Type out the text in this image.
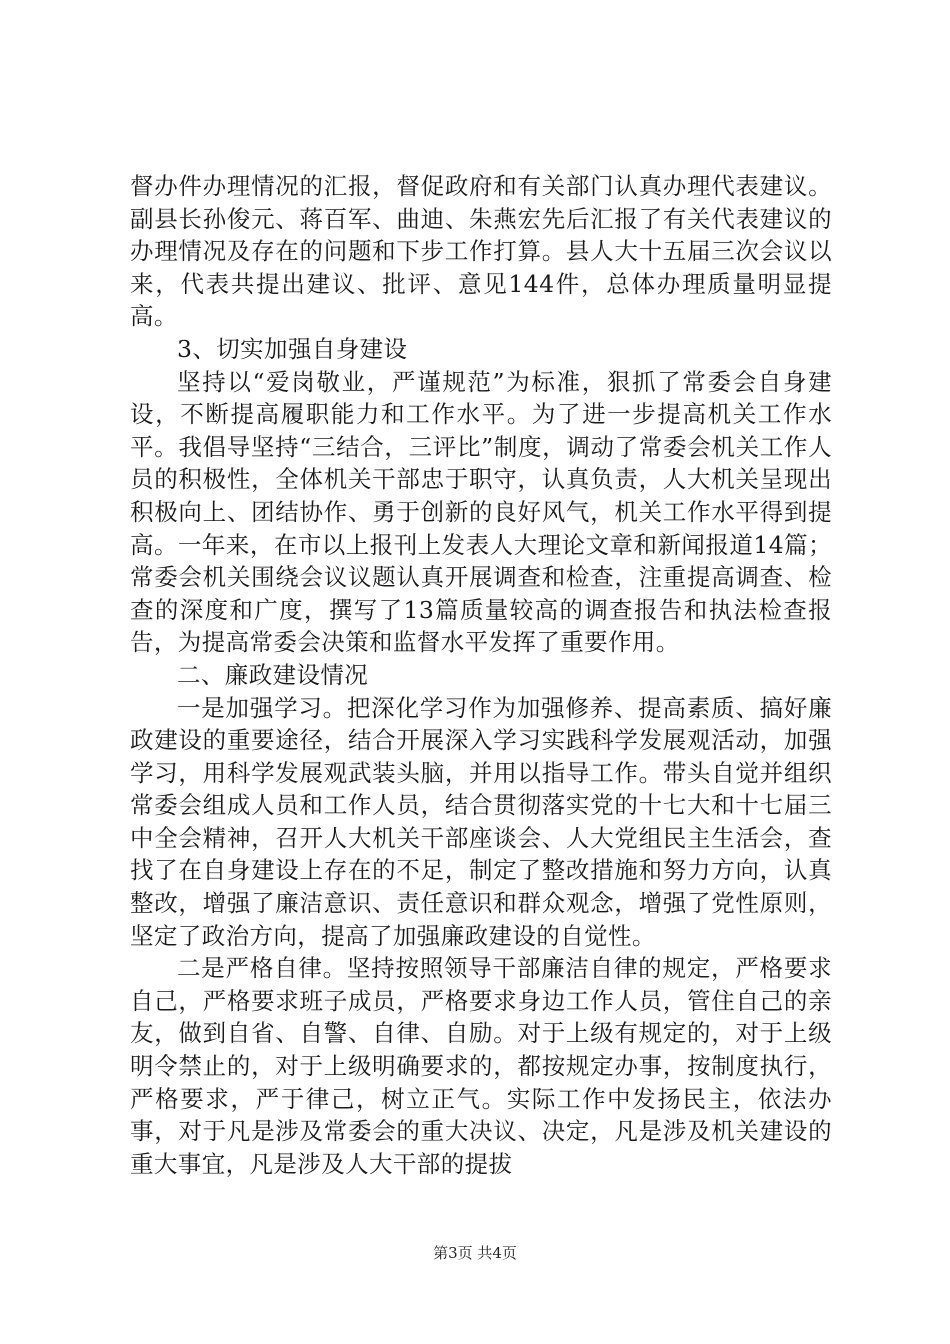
督办件办理情况的汇报，督促政府和有关部门认真办理代表建议。副县长孙俊元、蒋百军、曲迪、朱燕宏先后汇报了有关代表建议的办理情况及存在的问题和下步工作打算。县人大十五届三次会议以来，代表共提出建议、批评、意见144件，总体办理质量明显提高。

3、切实加强自身建设

坚持以“爱岗敬业，严谨规范”为标准，狠抓了常委会自身建设，不断提高履职能力和工作水平。为了进一步提高机关工作水平。我倡导坚持“三结合，三评比”制度，调动了常委会机关工作人员的积极性，全体机关干部忠于职守，认真负责，人大机关呈现出积极向上、团结协作、勇于创新的良好风气，机关工作水平得到提高。一年来，在市以上报刊上发表人大理论文章和新闻报道14篇；常委会机关围绕会议议题认真开展调查和检查，注重提高调查、检查的深度和广度，撰写了13篇质量较高的调查报告和执法检查报告，为提高常委会决策和监督水平发挥了重要作用。

二、廉政建设情况

一是加强学习。把深化学习作为加强修养、提高素质、搞好廉政建设的重要途径，结合开展深入学习实践科学发展观活动，加强学习，用科学发展观武装头脑，并用以指导工作。带头自觉并组织常委会组成人员和工作人员，结合贯彻落实党的十七大和十七届三中全会精神，召开人大机关干部座谈会、人大党组民主生活会，查找了在自身建设上存在的不足，制定了整改措施和努力方向，认真整改，增强了廉洁意识、责任意识和群众观念，增强了党性原则，坚定了政治方向，提高了加强廉政建设的自觉性。

二是严格自律。坚持按照领导干部廉洁自律的规定，严格要求自己，严格要求班子成员，严格要求身边工作人员，管住自己的亲友，做到自省、自警、自律、自励。对于上级有规定的，对于上级明令禁止的，对于上级明确要求的，都按规定办事，按制度执行，严格要求，严于律己，树立正气。实际工作中发扬民主，依法办事，对于凡是涉及常委会的重大决议、决定，凡是涉及机关建设的重大事宜，凡是涉及人大干部的提拔

第3页 共4页
